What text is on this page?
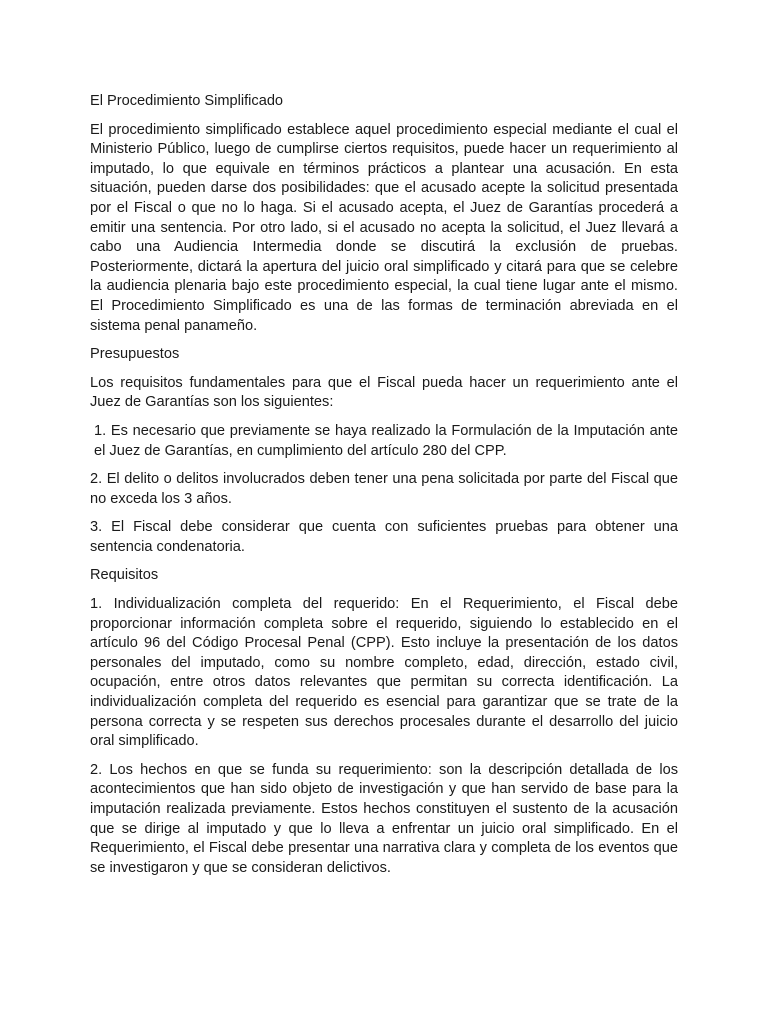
El Procedimiento Simplificado

El procedimiento simplificado establece aquel procedimiento especial mediante el cual el Ministerio Público, luego de cumplirse ciertos requisitos, puede hacer un requerimiento al imputado, lo que equivale en términos prácticos a plantear una acusación. En esta situación, pueden darse dos posibilidades: que el acusado acepte la solicitud presentada por el Fiscal o que no lo haga. Si el acusado acepta, el Juez de Garantías procederá a emitir una sentencia. Por otro lado, si el acusado no acepta la solicitud, el Juez llevará a cabo una Audiencia Intermedia donde se discutirá la exclusión de pruebas. Posteriormente, dictará la apertura del juicio oral simplificado y citará para que se celebre la audiencia plenaria bajo este procedimiento especial, la cual tiene lugar ante el mismo. El Procedimiento Simplificado es una de las formas de terminación abreviada en el sistema penal panameño.

Presupuestos

Los requisitos fundamentales para que el Fiscal pueda hacer un requerimiento ante el Juez de Garantías son los siguientes:

1. Es necesario que previamente se haya realizado la Formulación de la Imputación ante el Juez de Garantías, en cumplimiento del artículo 280 del CPP.

2. El delito o delitos involucrados deben tener una pena solicitada por parte del Fiscal que no exceda los 3 años.

3. El Fiscal debe considerar que cuenta con suficientes pruebas para obtener una sentencia condenatoria.

Requisitos

1. Individualización completa del requerido: En el Requerimiento, el Fiscal debe proporcionar información completa sobre el requerido, siguiendo lo establecido en el artículo 96 del Código Procesal Penal (CPP). Esto incluye la presentación de los datos personales del imputado, como su nombre completo, edad, dirección, estado civil, ocupación, entre otros datos relevantes que permitan su correcta identificación. La individualización completa del requerido es esencial para garantizar que se trate de la persona correcta y se respeten sus derechos procesales durante el desarrollo del juicio oral simplificado.

2. Los hechos en que se funda su requerimiento: son la descripción detallada de los acontecimientos que han sido objeto de investigación y que han servido de base para la imputación realizada previamente. Estos hechos constituyen el sustento de la acusación que se dirige al imputado y que lo lleva a enfrentar un juicio oral simplificado. En el Requerimiento, el Fiscal debe presentar una narrativa clara y completa de los eventos que se investigaron y que se consideran delictivos.
